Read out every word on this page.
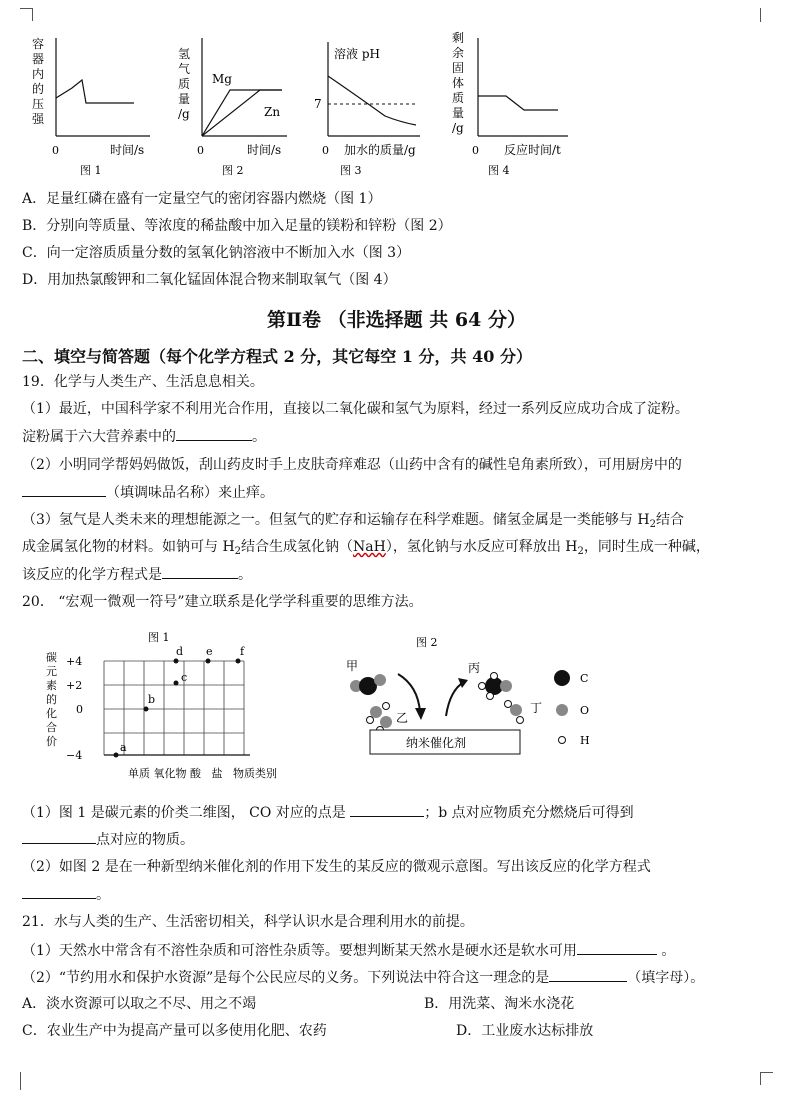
容
器
内
的
压
强
0	时间/s
图 1
氢
气
质
量
/g
Mg
Zn
0	时间/s
图 2
溶液 pH
7
0 加水的质量/g
图 3
剩
余
固
体
质
量
/g
0 反应时间/t
图 4
A．足量红磷在盛有一定量空气的密闭容器内燃烧（图 1）
B．分别向等质量、等浓度的稀盐酸中加入足量的镁粉和锌粉（图 2）
C．向一定溶质质量分数的氢氧化钠溶液中不断加入水（图 3）
D．用加热氯酸钾和二氧化锰固体混合物来制取氧气（图 4）
第Ⅱ卷 （非选择题 共 64 分）
二、填空与简答题（每个化学方程式 2 分，其它每空 1 分，共 40 分）
19．化学与人类生产、生活息息相关。
（1）最近，中国科学家不利用光合作用，直接以二氧化碳和氢气为原料，经过一系列反应成功合成了淀粉。
淀粉属于六大营养素中的	。
（2）小明同学帮妈妈做饭，刮山药皮时手上皮肤奇痒难忍（山药中含有的碱性皂角素所致），可用厨房中的
（填调味品名称）来止痒。
（3）氢气是人类未来的理想能源之一。但氢气的贮存和运输存在科学难题。储氢金属是一类能够与 $H_2$结合
成金属氢化物的材料。如钠可与 $H_2$结合生成氢化钠（NaH），氢化钠与水反应可释放出 $H_2$，同时生成一种碱，
该反应的化学方程式是	。
20． “宏观一微观一符号”建立联系是化学学科重要的思维方法。
图 1
碳
元
素
的
化
合
价
+4
+2
0
−4
a
b
c
d e f
单质 氧化物 酸   盐   物质类别
图 2
甲
乙
丙
丁
纳米催化剂
C
O
H
（1）图 1 是碳元素的价类二维图， CO 对应的点是	；b 点对应物质充分燃烧后可得到
点对应的物质。
（2）如图 2 是在一种新型纳米催化剂的作用下发生的某反应的微观示意图。写出该反应的化学方程式
。
21．水与人类的生产、生活密切相关，科学认识水是合理利用水的前提。
（1）天然水中常含有不溶性杂质和可溶性杂质等。要想判断某天然水是硬水还是软水可用	。
（2）“节约用水和保护水资源”是每个公民应尽的义务。下列说法中符合这一理念的是	（填字母）。
A．淡水资源可以取之不尽、用之不竭	B．用洗菜、淘米水浇花
C．农业生产中为提高产量可以多使用化肥、农药	D．工业废水达标排放
